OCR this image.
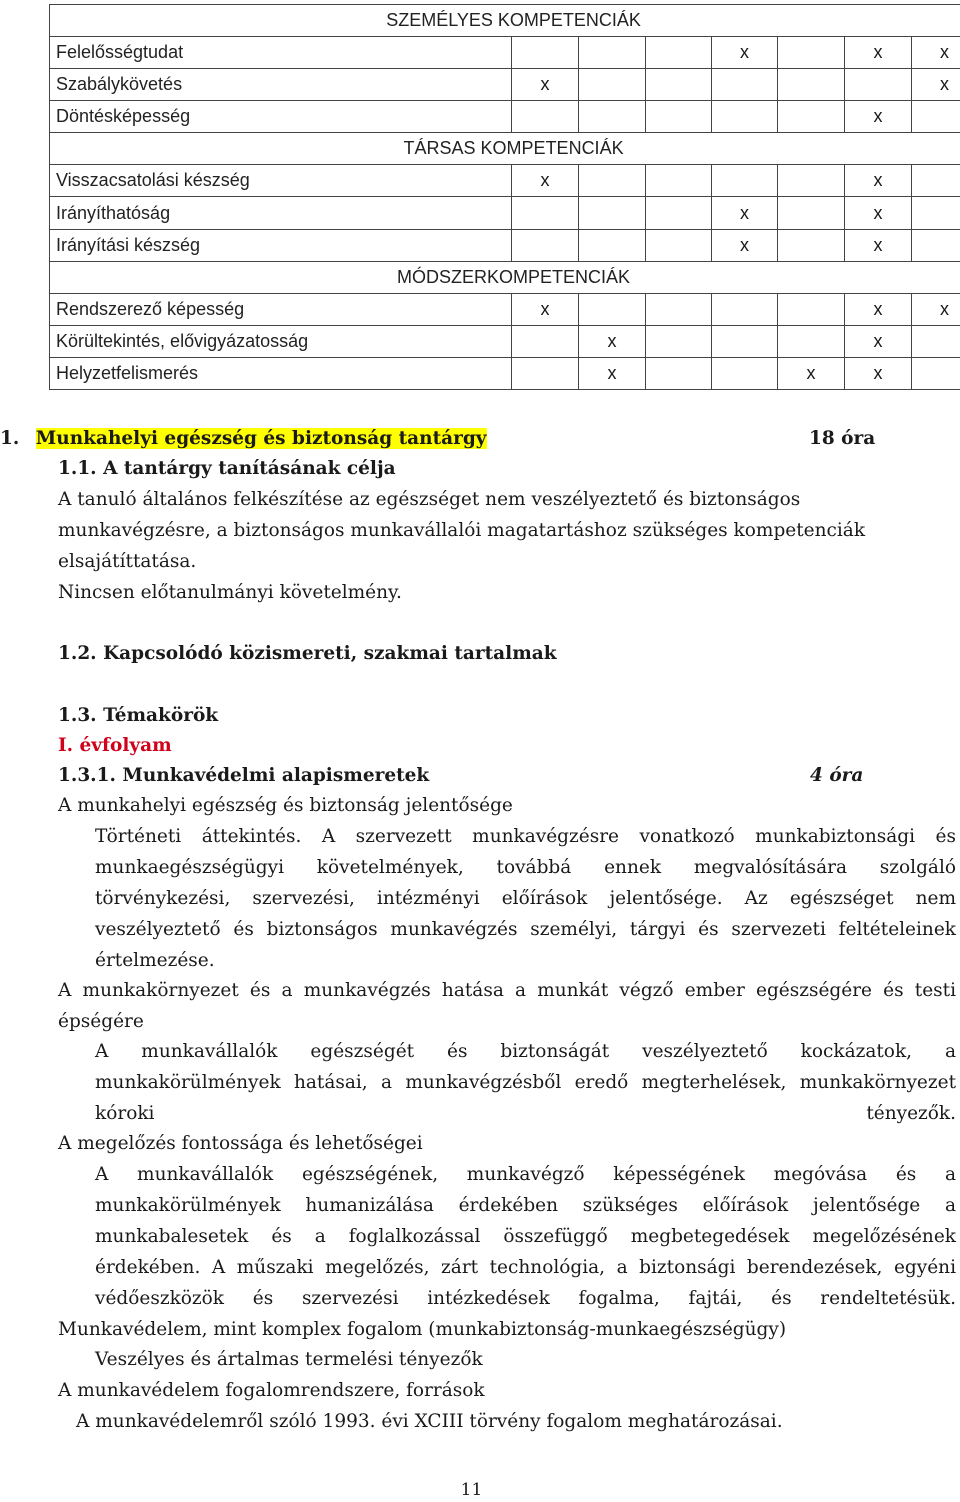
SZEMÉLYES KOMPETENCIÁK							
Felelősségtudat				x		x	x
Szabálykövetés	x						x
Döntésképesség						x	
TÁRSAS KOMPETENCIÁK							
Visszacsatolási készség	x					x	
Irányíthatóság				x		x	
Irányítási készség				x		x	
MÓDSZERKOMPETENCIÁK							
Rendszerező képesség	x					x	x
Körültekintés, elővigyázatosság		x				x	
Helyzetfelismerés		x			x	x	
1. Munkahelyi egészség és biztonság tantárgy	18 óra
1.1. A tantárgy tanításának célja
A tanuló általános felkészítése az egészséget nem veszélyeztető és biztonságos munkavégzésre, a biztonságos munkavállalói magatartáshoz szükséges kompetenciák elsajátíttatása.
Nincsen előtanulmányi követelmény.
1.2. Kapcsolódó közismereti, szakmai tartalmak
1.3. Témakörök
I. évfolyam
1.3.1. Munkavédelmi alapismeretek	4 óra
A munkahelyi egészség és biztonság jelentősége
Történeti áttekintés. A szervezett munkavégzésre vonatkozó munkabiztonsági és munkaegészségügyi követelmények, továbbá ennek megvalósítására szolgáló törvénykezési, szervezési, intézményi előírások jelentősége. Az egészséget nem veszélyeztető és biztonságos munkavégzés személyi, tárgyi és szervezeti feltételeinek értelmezése.
A munkakörnyezet és a munkavégzés hatása a munkát végző ember egészségére és testi épségére
A munkavállalók egészségét és biztonságát veszélyeztető kockázatok, a munkakörülmények hatásai, a munkavégzésből eredő megterhelések, munkakörnyezet kóroki tényezők.
A megelőzés fontossága és lehetőségei
A munkavállalók egészségének, munkavégző képességének megóvása és a munkakörülmények humanizálása érdekében szükséges előírások jelentősége a munkabalesetek és a foglalkozással összefüggő megbetegedések megelőzésének érdekében. A műszaki megelőzés, zárt technológia, a biztonsági berendezések, egyéni védőeszközök és szervezési intézkedések fogalma, fajtái, és rendeltetésük.
Munkavédelem, mint komplex fogalom (munkabiztonság-munkaegészségügy)
Veszélyes és ártalmas termelési tényezők
A munkavédelem fogalomrendszere, források
A munkavédelemről szóló 1993. évi XCIII törvény fogalom meghatározásai.
11
